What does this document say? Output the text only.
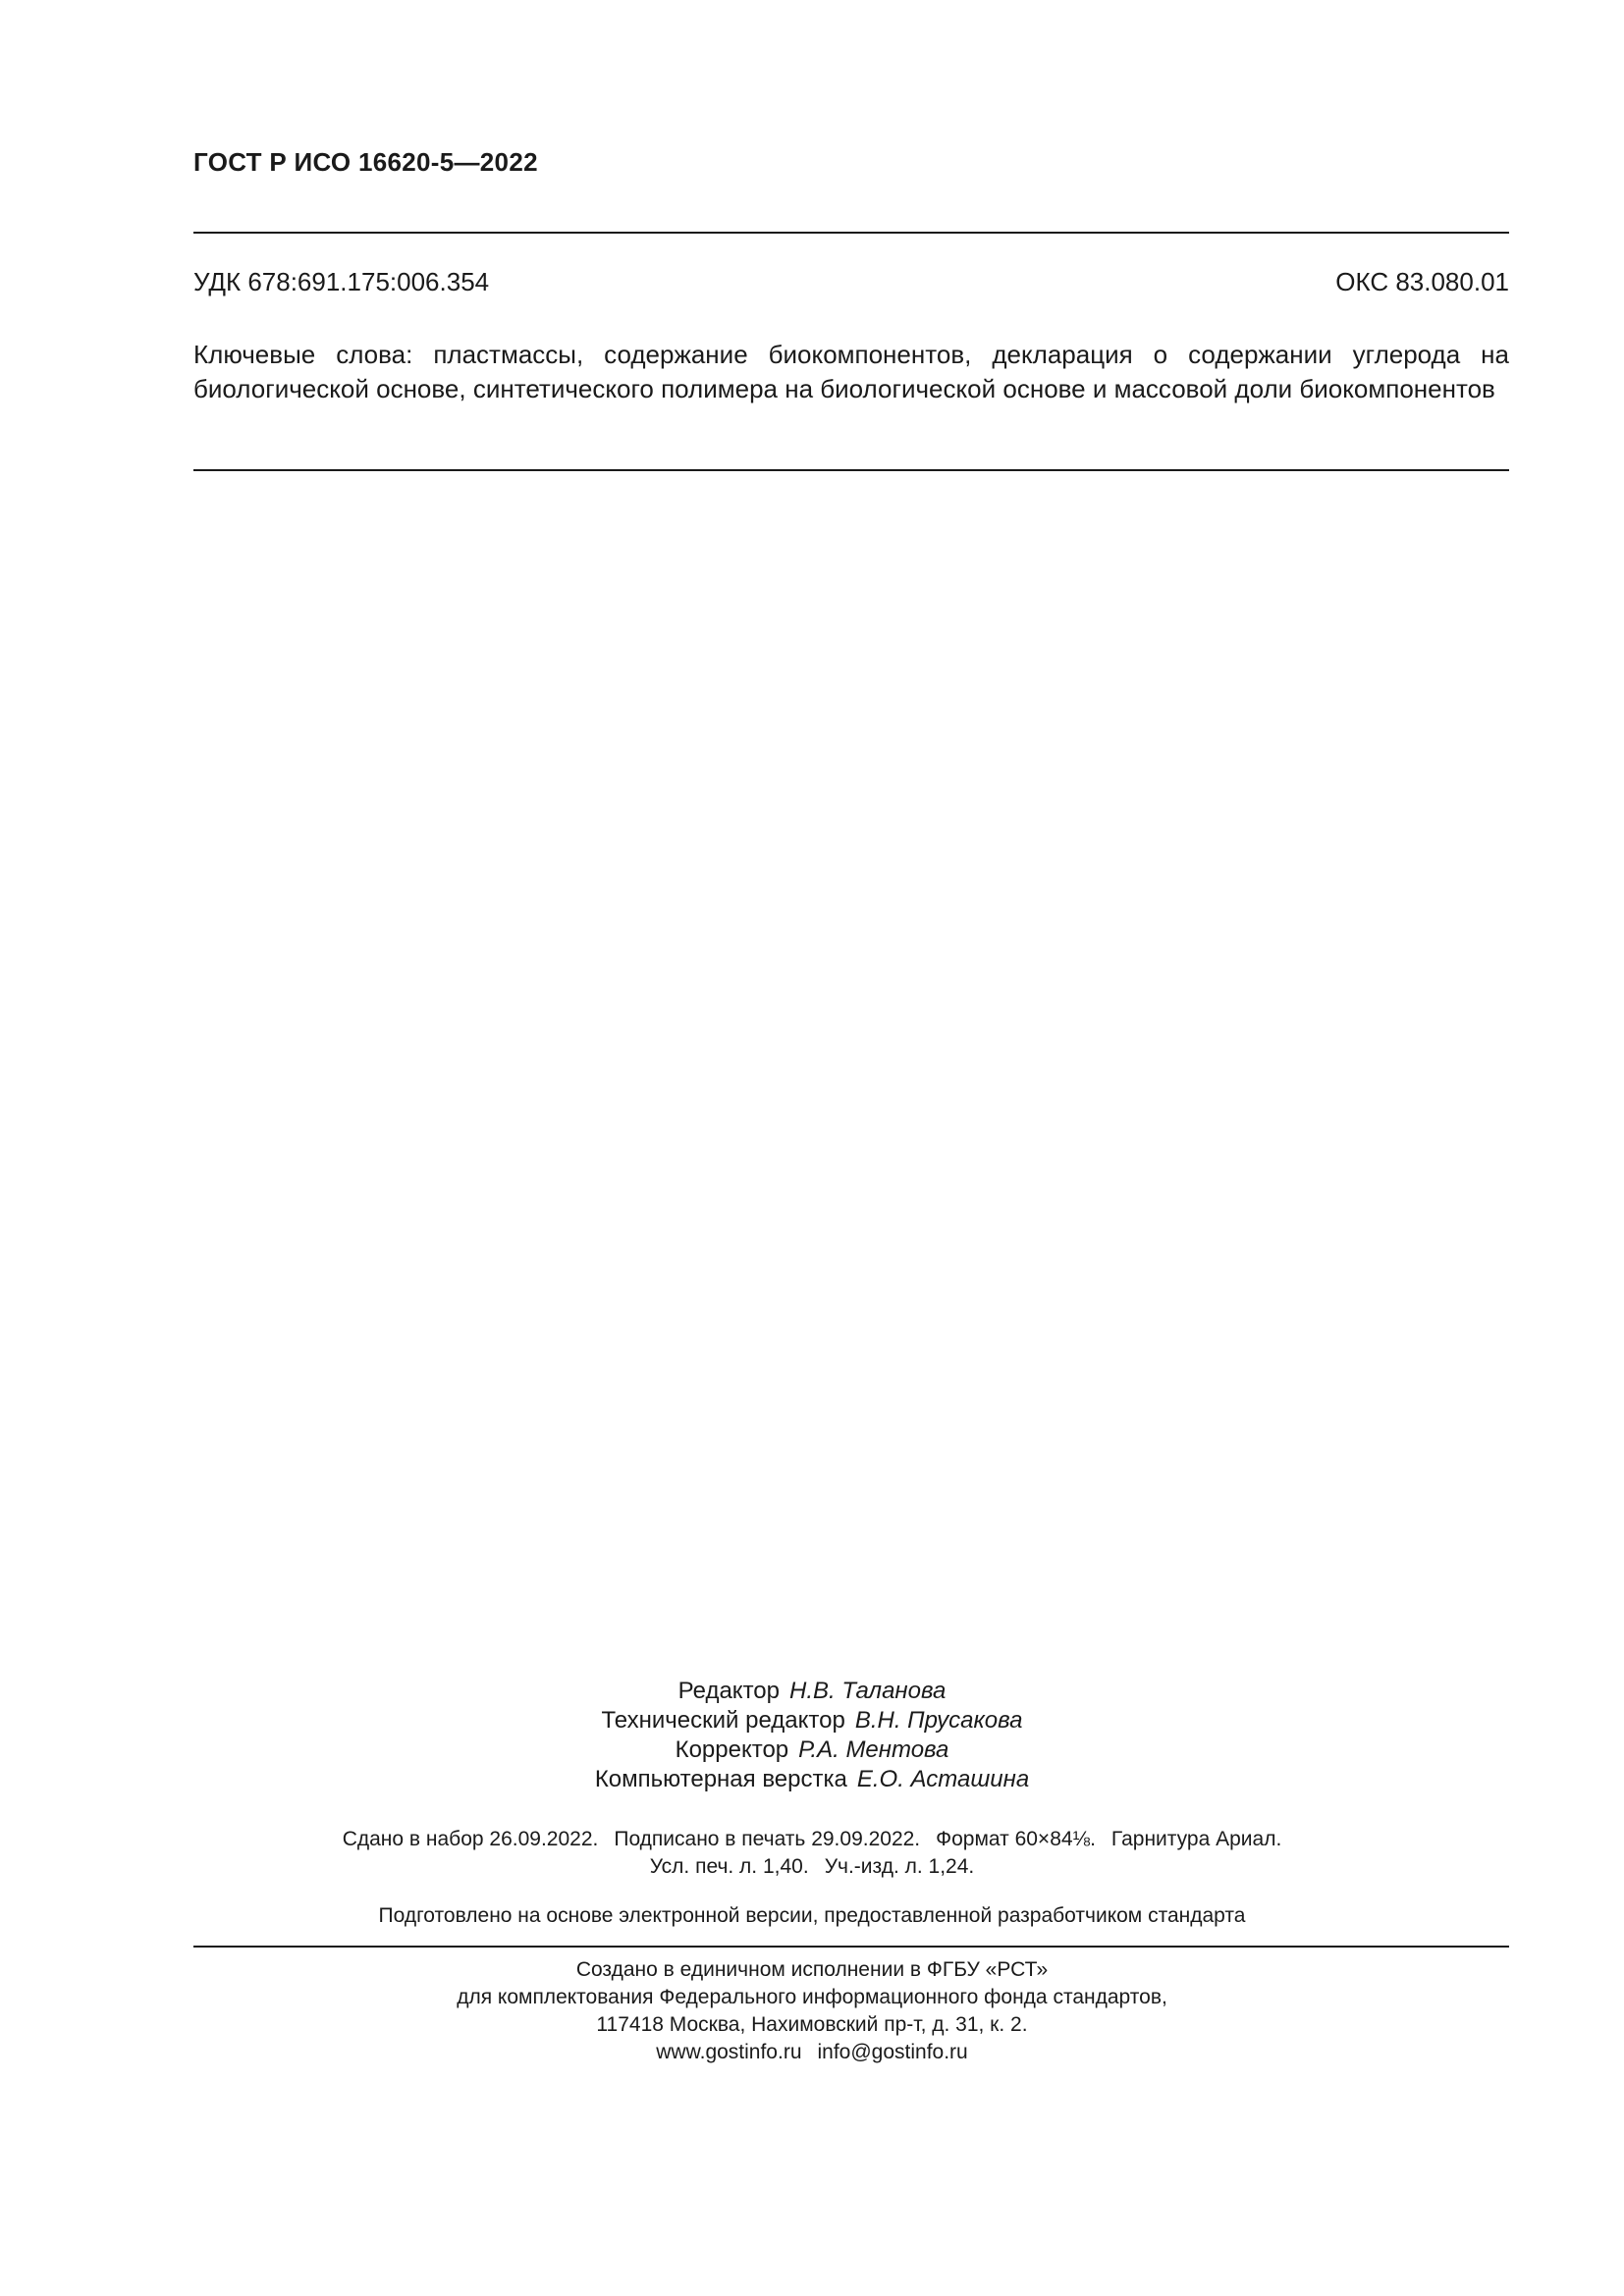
ГОСТ Р ИСО 16620-5—2022
УДК 678:691.175:006.354	ОКС 83.080.01
Ключевые слова: пластмассы, содержание биокомпонентов, декларация о содержании углерода на биологической основе, синтетического полимера на биологической основе и массовой доли биокомпонентов
Редактор Н.В. Таланова
Технический редактор В.Н. Прусакова
Корректор Р.А. Ментова
Компьютерная верстка Е.О. Асташина
Сдано в набор 26.09.2022. Подписано в печать 29.09.2022. Формат 60×84⅛. Гарнитура Ариал.
Усл. печ. л. 1,40. Уч.-изд. л. 1,24.
Подготовлено на основе электронной версии, предоставленной разработчиком стандарта
Создано в единичном исполнении в ФГБУ «РСТ»
для комплектования Федерального информационного фонда стандартов,
117418 Москва, Нахимовский пр-т, д. 31, к. 2.
www.gostinfo.ru info@gostinfo.ru
